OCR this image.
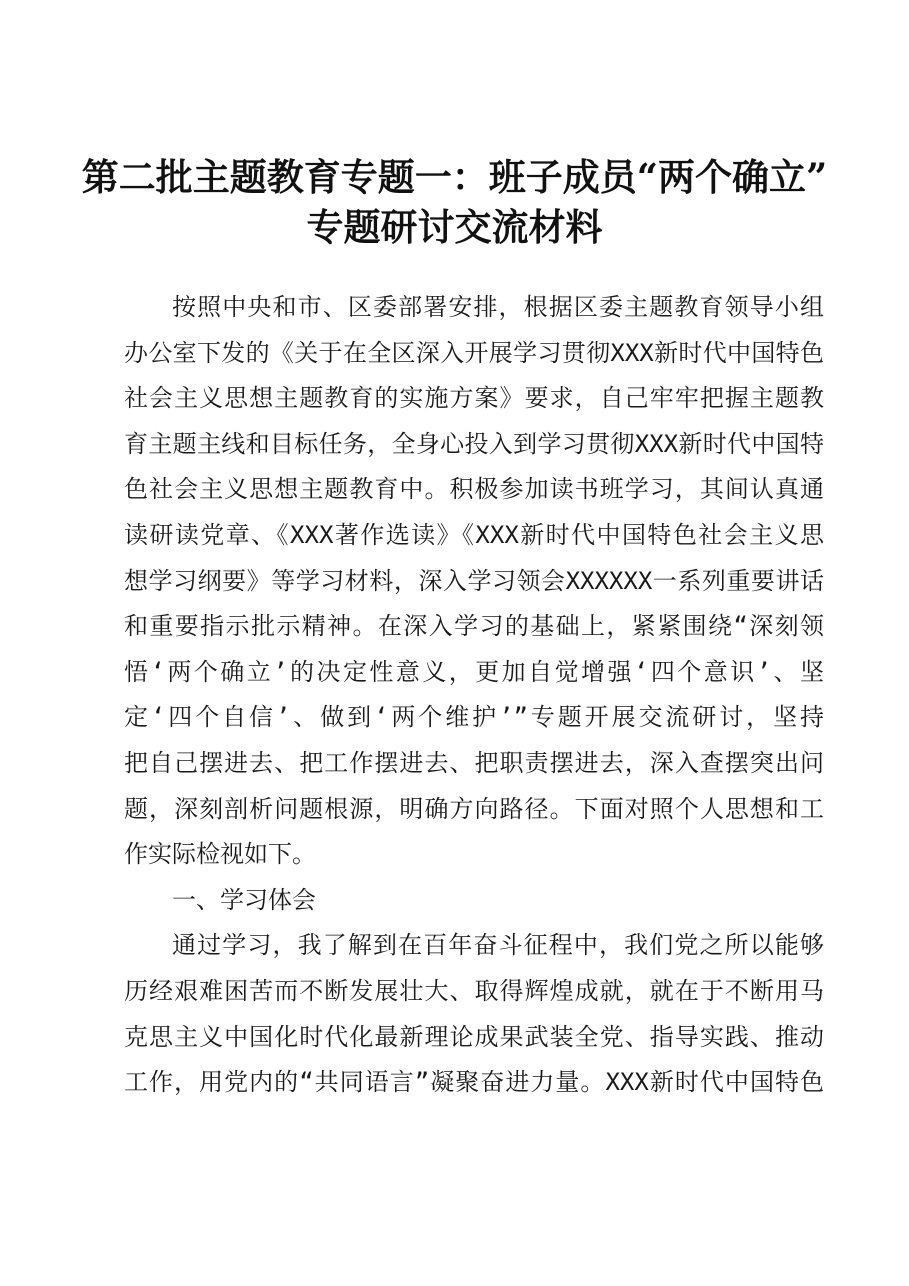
第二批主题教育专题一：班子成员“两个确立”
专题研讨交流材料
按照中央和市、区委部署安排，根据区委主题教育领导小组
办公室下发的《关于在全区深入开展学习贯彻XXX新时代中国特色
社会主义思想主题教育的实施方案》要求，自己牢牢把握主题教
育主题主线和目标任务，全身心投入到学习贯彻XXX新时代中国特
色社会主义思想主题教育中。积极参加读书班学习，其间认真通
读研读党章、《XXX著作选读》《XXX新时代中国特色社会主义思
想学习纲要》等学习材料，深入学习领会XXXXXX一系列重要讲话
和重要指示批示精神。在深入学习的基础上，紧紧围绕“深刻领
悟‘两个确立’的决定性意义，更加自觉增强‘四个意识’、坚
定‘四个自信’、做到‘两个维护’”专题开展交流研讨，坚持
把自己摆进去、把工作摆进去、把职责摆进去，深入查摆突出问
题，深刻剖析问题根源，明确方向路径。下面对照个人思想和工
作实际检视如下。
一、学习体会
通过学习，我了解到在百年奋斗征程中，我们党之所以能够
历经艰难困苦而不断发展壮大、取得辉煌成就，就在于不断用马
克思主义中国化时代化最新理论成果武装全党、指导实践、推动
工作，用党内的“共同语言”凝聚奋进力量。XXX新时代中国特色
